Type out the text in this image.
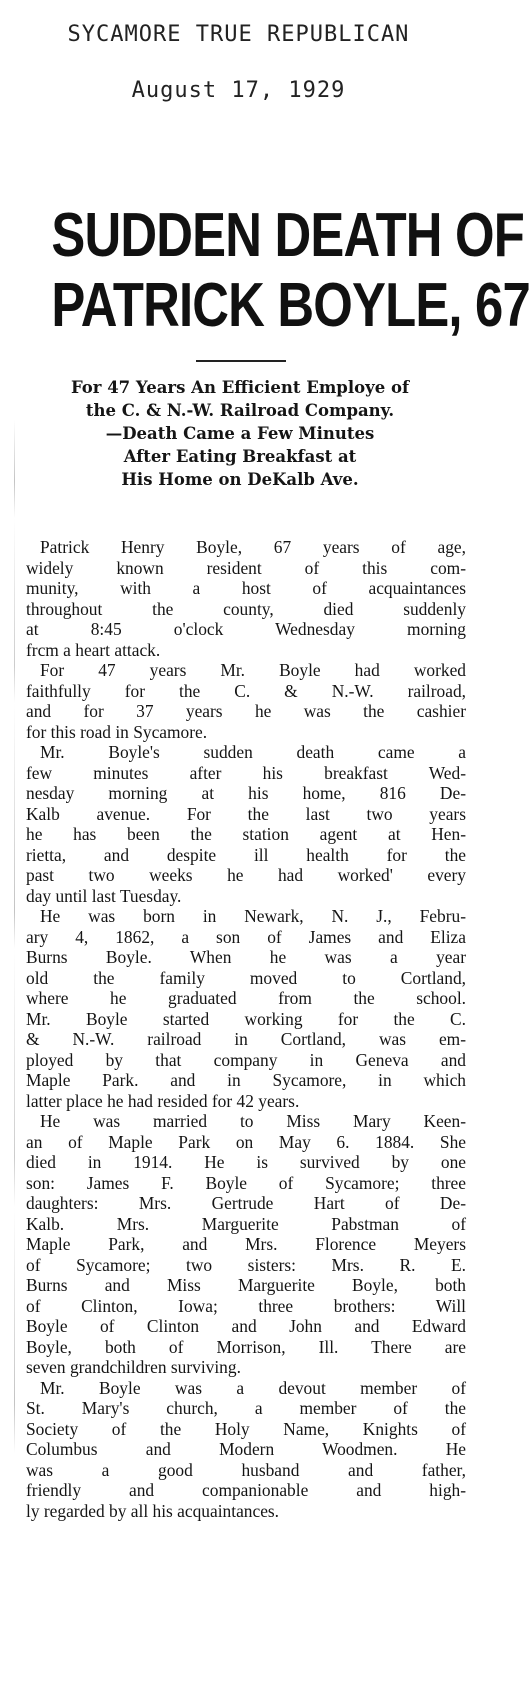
SYCAMORE TRUE REPUBLICAN
August 17, 1929
SUDDEN DEATH OF
PATRICK BOYLE, 67
For 47 Years An Efficient Employe of
the C. & N.-W. Railroad Company.
—Death Came a Few Minutes
After Eating Breakfast at
His Home on DeKalb Ave.
Patrick Henry Boyle, 67 years of age,
widely known resident of this com-
munity, with a host of acquaintances
throughout the county, died suddenly
at 8:45 o'clock Wednesday morning
frcm a heart attack.
For 47 years Mr. Boyle had worked
faithfully for the C. & N.-W. railroad,
and for 37 years he was the cashier
for this road in Sycamore.
Mr. Boyle's sudden death came a
few minutes after his breakfast Wed-
nesday morning at his home, 816 De-
Kalb avenue. For the last two years
he has been the station agent at Hen-
rietta, and despite ill health for the
past two weeks he had worked' every
day until last Tuesday.
He was born in Newark, N. J., Febru-
ary 4, 1862, a son of James and Eliza
Burns Boyle. When he was a year
old the family moved to Cortland,
where he graduated from the school.
Mr. Boyle started working for the C.
& N.-W. railroad in Cortland, was em-
ployed by that company in Geneva and
Maple Park. and in Sycamore, in which
latter place he had resided for 42 years.
He was married to Miss Mary Keen-
an of Maple Park on May 6. 1884. She
died in 1914. He is survived by one
son: James F. Boyle of Sycamore; three
daughters: Mrs. Gertrude Hart of De-
Kalb. Mrs. Marguerite Pabstman of
Maple Park, and Mrs. Florence Meyers
of Sycamore; two sisters: Mrs. R. E.
Burns and Miss Marguerite Boyle, both
of Clinton, Iowa; three brothers: Will
Boyle of Clinton and John and Edward
Boyle, both of Morrison, Ill. There are
seven grandchildren surviving.
Mr. Boyle was a devout member of
St. Mary's church, a member of the
Society of the Holy Name, Knights of
Columbus and Modern Woodmen. He
was a good husband and father,
friendly and companionable and high-
ly regarded by all his acquaintances.
